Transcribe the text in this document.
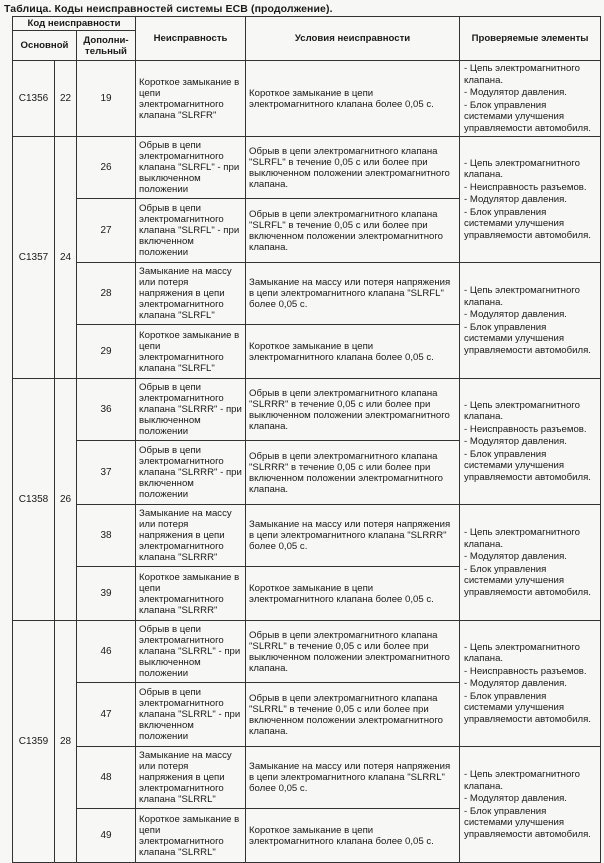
Таблица. Коды неисправностей системы ECB (продолжение).
Код неисправности			Неисправность	Условия неисправности	Проверяемые элементы
Основной		Дополни-тельный			
C1356	22	19	Короткое замыкание в цепи электромагнитного клапана "SLRFR"	Короткое замыкание в цепи электромагнитного клапана более 0,05 с.	- Цепь электромагнитного клапана.
- Модулятор давления.
- Блок управления системами улучшения управляемости автомобиля.

C1357	24	26	Обрыв в цепи электромагнитного клапана "SLRFL" - при выключенном положении	Обрыв в цепи электромагнитного клапана "SLRFL" в течение 0,05 с или более при выключенном положении электромагнитного клапана.	- Цепь электромагнитного клапана.
- Неисправность разъемов.
- Модулятор давления.
- Блок управления системами улучшения управляемости автомобиля.

		27	Обрыв в цепи электромагнитного клапана "SLRFL" - при включенном положении	Обрыв в цепи электромагнитного клапана "SLRFL" в течение 0,05 с или более при включенном положении электромагнитного клапана.	
		28	Замыкание на массу или потеря напряжения в цепи электромагнитного клапана "SLRFL"	Замыкание на массу или потеря напряжения в цепи электромагнитного клапана "SLRFL" более 0,05 с.	- Цепь электромагнитного клапана.
- Модулятор давления.
- Блок управления системами улучшения управляемости автомобиля.

		29	Короткое замыкание в цепи электромагнитного клапана "SLRFL"	Короткое замыкание в цепи электромагнитного клапана более 0,05 с.	
C1358	26	36	Обрыв в цепи электромагнитного клапана "SLRRR" - при выключенном положении	Обрыв в цепи электромагнитного клапана "SLRRR" в течение 0,05 с или более при выключенном положении электромагнитного клапана.	- Цепь электромагнитного клапана.
- Неисправность разъемов.
- Модулятор давления.
- Блок управления системами улучшения управляемости автомобиля.

		37	Обрыв в цепи электромагнитного клапана "SLRRR" - при включенном положении	Обрыв в цепи электромагнитного клапана "SLRRR" в течение 0,05 с или более при включенном положении электромагнитного клапана.	
		38	Замыкание на массу или потеря напряжения в цепи электромагнитного клапана "SLRRR"	Замыкание на массу или потеря напряжения в цепи электромагнитного клапана "SLRRR" более 0,05 с.	- Цепь электромагнитного клапана.
- Модулятор давления.
- Блок управления системами улучшения управляемости автомобиля.

		39	Короткое замыкание в цепи электромагнитного клапана "SLRRR"	Короткое замыкание в цепи электромагнитного клапана более 0,05 с.	
C1359	28	46	Обрыв в цепи электромагнитного клапана "SLRRL" - при выключенном положении	Обрыв в цепи электромагнитного клапана "SLRRL" в течение 0,05 с или более при выключенном положении электромагнитного клапана.	- Цепь электромагнитного клапана.
- Неисправность разъемов.
- Модулятор давления.
- Блок управления системами улучшения управляемости автомобиля.

		47	Обрыв в цепи электромагнитного клапана "SLRRL" - при включенном положении	Обрыв в цепи электромагнитного клапана "SLRRL" в течение 0,05 с или более при включенном положении электромагнитного клапана.	
		48	Замыкание на массу или потеря напряжения в цепи электромагнитного клапана "SLRRL"	Замыкание на массу или потеря напряжения в цепи электромагнитного клапана "SLRRL" более 0,05 с.	- Цепь электромагнитного клапана.
- Модулятор давления.
- Блок управления системами улучшения управляемости автомобиля.

		49	Короткое замыкание в цепи электромагнитного клапана "SLRRL"	Короткое замыкание в цепи электромагнитного клапана более 0,05 с.	
